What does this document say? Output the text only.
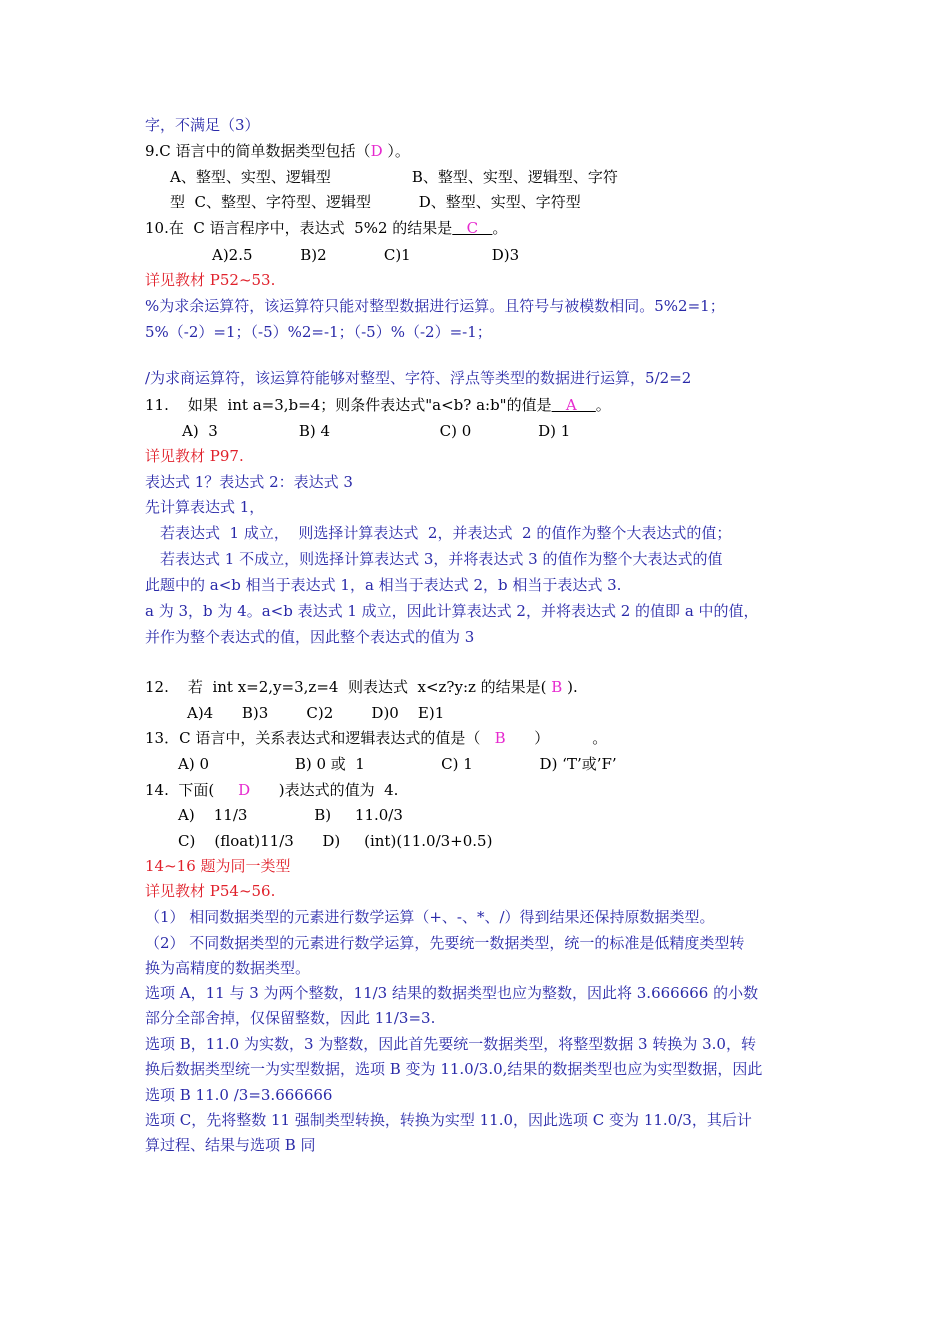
字，不满足（3）
9.C 语言中的简单数据类型包括（D ）。
A、整型、实型、逻辑型                 B、整型、实型、逻辑型、字符
型  C、整型、字符型、逻辑型          D、整型、实型、字符型
10.在  C 语言程序中，表达式  5%2 的结果是   C   。
A)2.5          B)2            C)1                 D)3
详见教材 P52~53.
%为求余运算符，该运算符只能对整型数据进行运算。且符号与被模数相同。5%2=1；
5%（-2）=1；（-5）%2=-1；（-5）%（-2）=-1；
/为求商运算符，该运算符能够对整型、字符、浮点等类型的数据进行运算，5/2=2
11.    如果  int a=3,b=4；则条件表达式"a<b? a:b"的值是   A    。
A)  3                 B) 4                       C) 0              D) 1
详见教材 P97.
表达式 1？表达式 2：表达式 3
先计算表达式 1，
若表达式  1 成立，  则选择计算表达式  2，并表达式  2 的值作为整个大表达式的值；
若表达式 1 不成立，则选择计算表达式 3，并将表达式 3 的值作为整个大表达式的值
此题中的 a<b 相当于表达式 1，a 相当于表达式 2，b 相当于表达式 3.
a 为 3，b 为 4。a<b 表达式 1 成立，因此计算表达式 2，并将表达式 2 的值即 a 中的值，
并作为整个表达式的值，因此整个表达式的值为 3
12.    若  int x=2,y=3,z=4  则表达式  x<z?y:z 的结果是( B ).
A)4      B)3        C)2        D)0    E)1
13．C 语言中，关系表达式和逻辑表达式的值是（   B      ）         。
A) 0                  B) 0 或  1                C) 1              D) ‘T’或’F’
14.  下面(     D      )表达式的值为  4.
A)    11/3              B)     11.0/3
C)    (float)11/3      D)     (int)(11.0/3+0.5)
14~16 题为同一类型
详见教材 P54~56.
（1） 相同数据类型的元素进行数学运算（+、-、*、/）得到结果还保持原数据类型。
（2） 不同数据类型的元素进行数学运算，先要统一数据类型，统一的标准是低精度类型转
换为高精度的数据类型。
选项 A，11 与 3 为两个整数，11/3 结果的数据类型也应为整数，因此将 3.666666 的小数
部分全部舍掉，仅保留整数，因此 11/3=3.
选项 B，11.0 为实数，3 为整数，因此首先要统一数据类型，将整型数据 3 转换为 3.0，转
换后数据类型统一为实型数据，选项 B 变为 11.0/3.0,结果的数据类型也应为实型数据，因此
选项 B 11.0 /3=3.666666
选项 C，先将整数 11 强制类型转换，转换为实型 11.0，因此选项 C 变为 11.0/3，其后计
算过程、结果与选项 B 同
